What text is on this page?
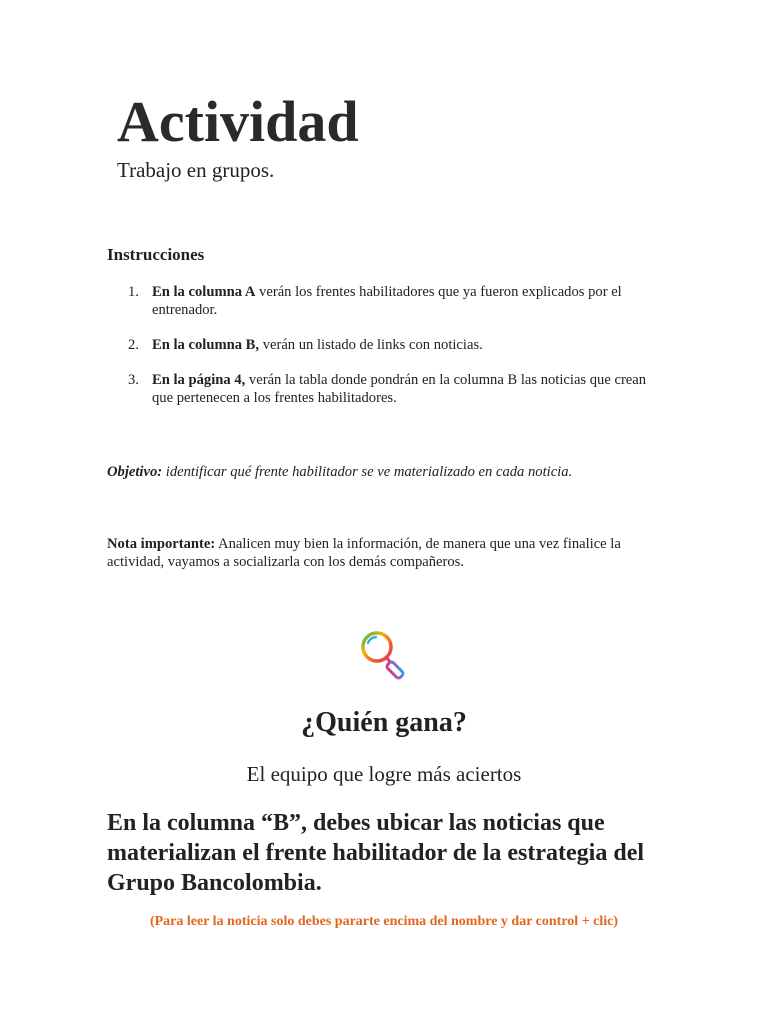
Actividad
Trabajo en grupos.
Instrucciones
1. En la columna A verán los frentes habilitadores que ya fueron explicados por el entrenador.
2. En la columna B, verán un listado de links con noticias.
3. En la página 4, verán la tabla donde pondrán en la columna B las noticias que crean que pertenecen a los frentes habilitadores.

Objetivo: identificar qué frente habilitador se ve materializado en cada noticia.

Nota importante: Analicen muy bien la información, de manera que una vez finalice la actividad, vayamos a socializarla con los demás compañeros.

¿Quién gana?
El equipo que logre más aciertos
En la columna “B”, debes ubicar las noticias que materializan el frente habilitador de la estrategia del Grupo Bancolombia.
(Para leer la noticia solo debes pararte encima del nombre y dar control + clic)
